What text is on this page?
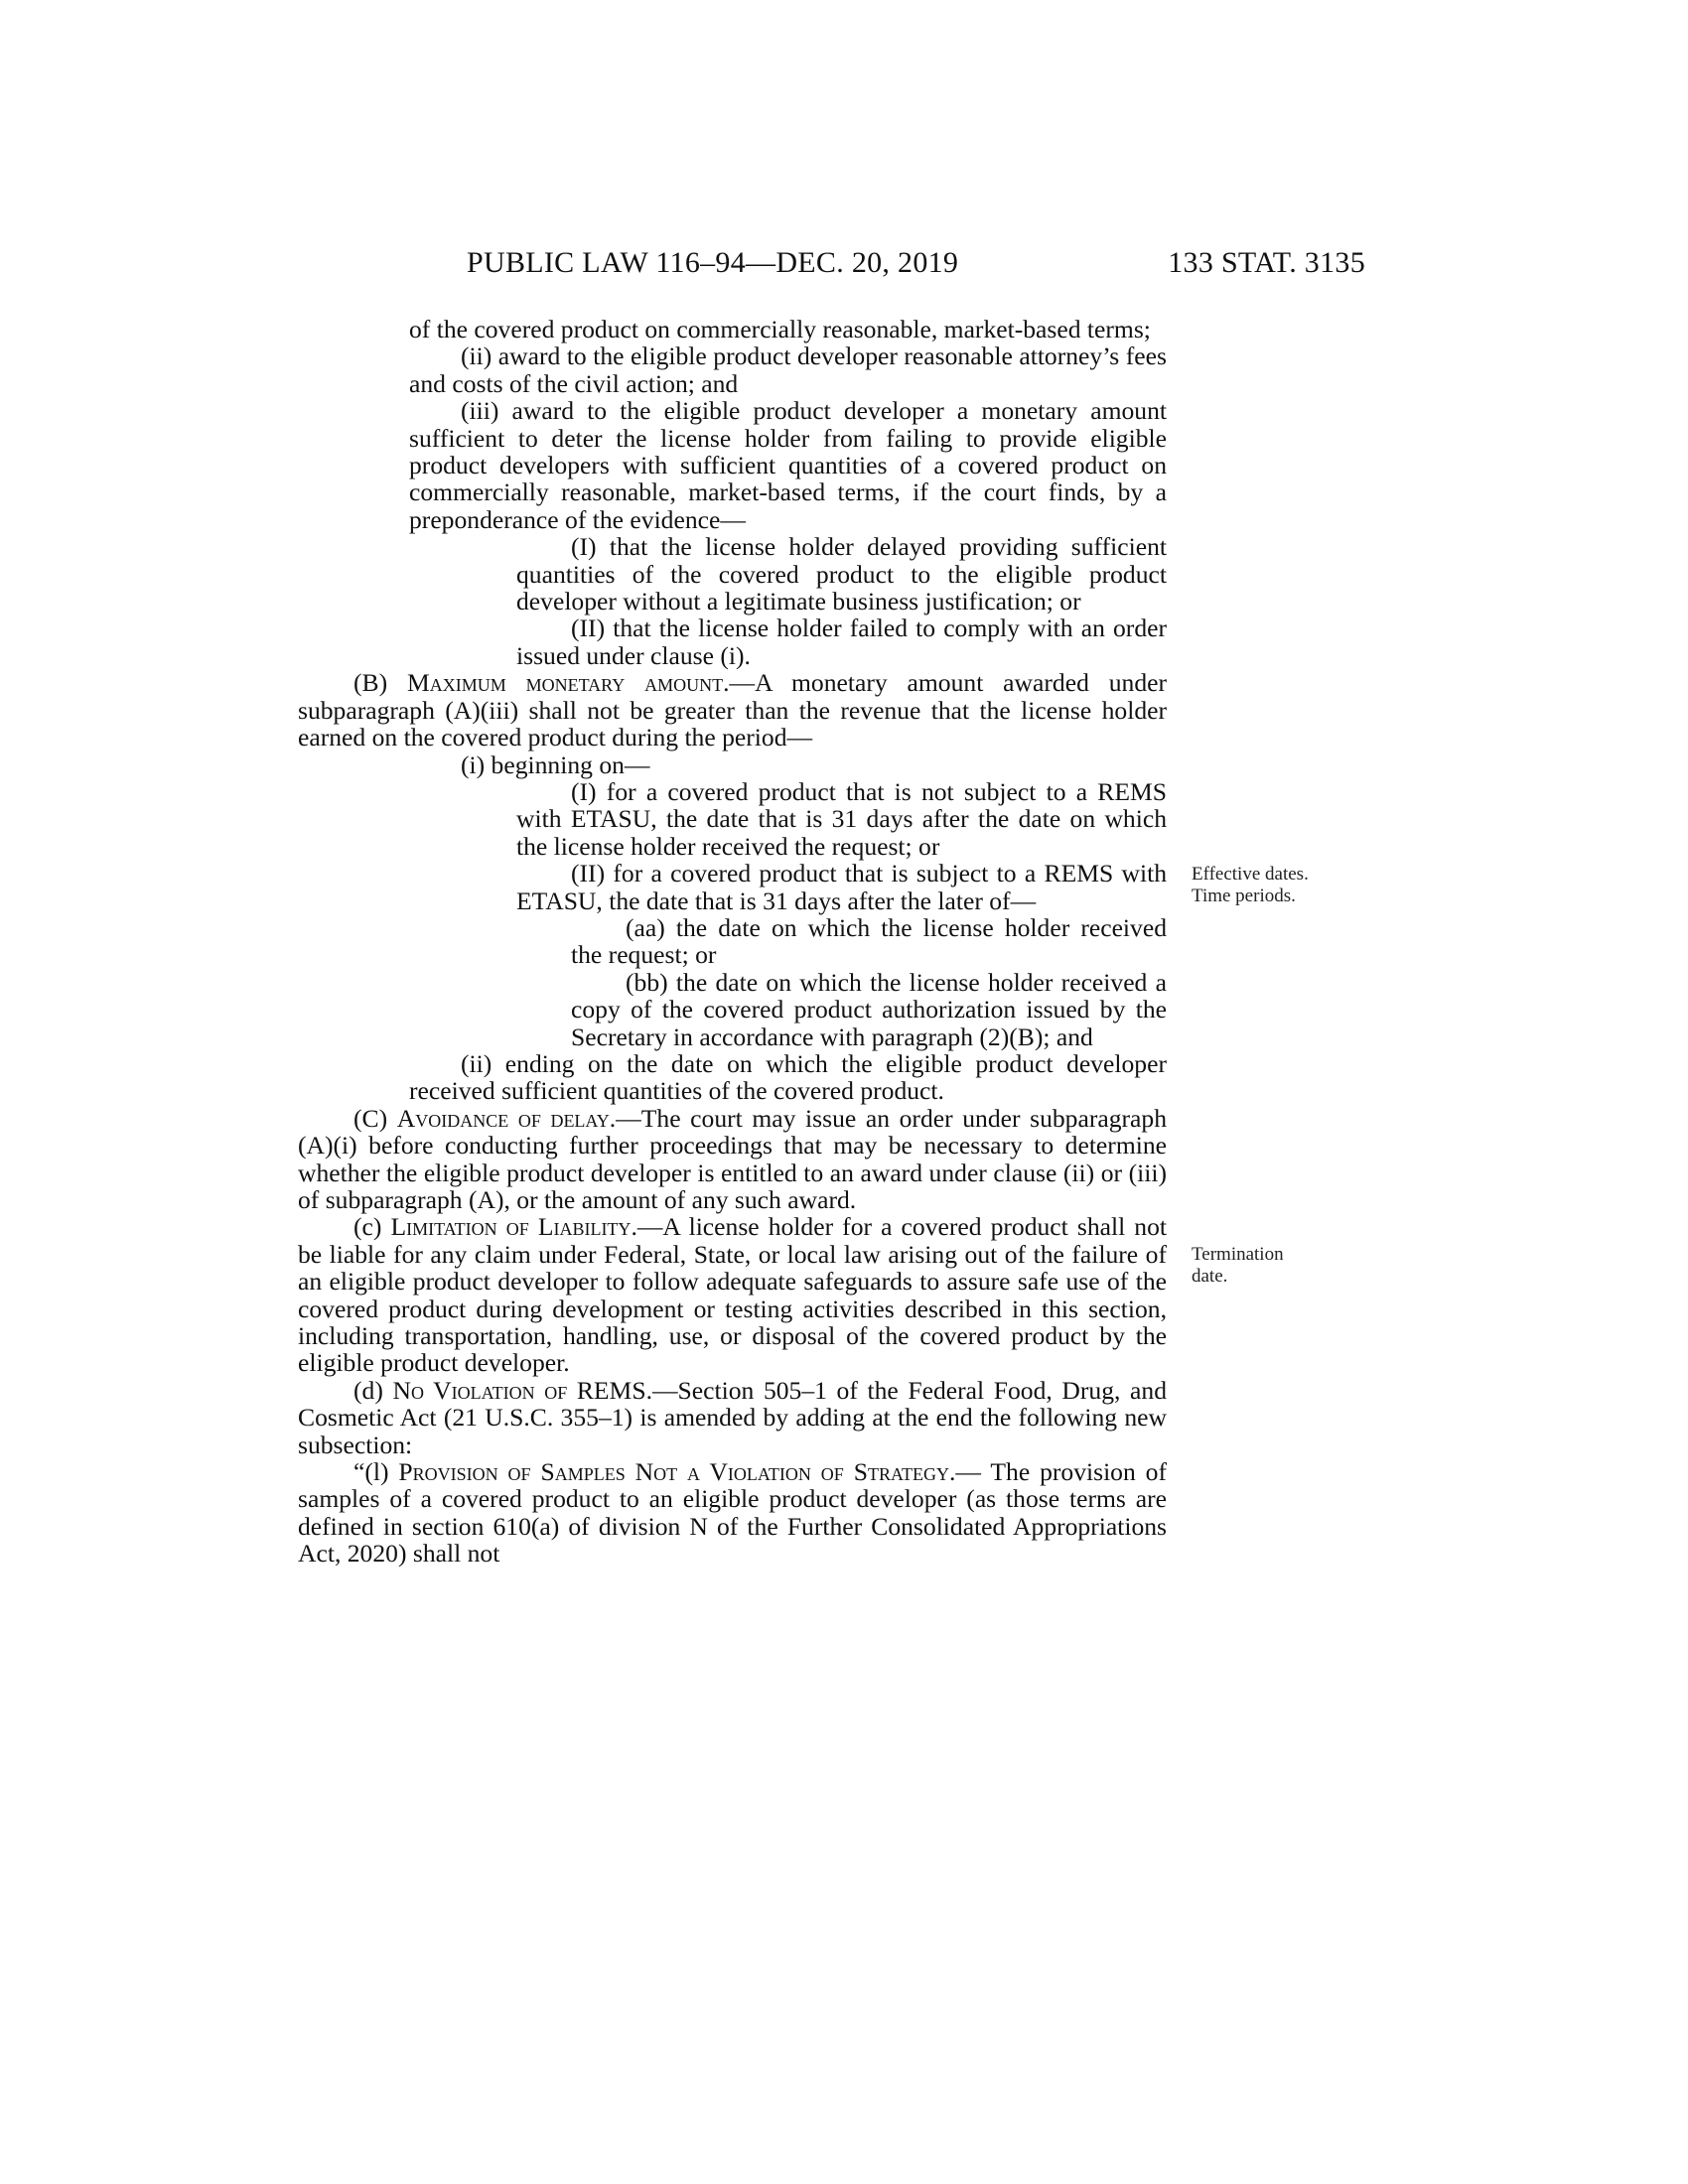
PUBLIC LAW 116–94—DEC. 20, 2019	133 STAT. 3135

of the covered product on commercially reasonable, market-based terms;

(ii) award to the eligible product developer reasonable attorney’s fees and costs of the civil action; and

(iii) award to the eligible product developer a monetary amount sufficient to deter the license holder from failing to provide eligible product developers with sufficient quantities of a covered product on commercially reasonable, market-based terms, if the court finds, by a preponderance of the evidence—

(I) that the license holder delayed providing sufficient quantities of the covered product to the eligible product developer without a legitimate business justification; or

(II) that the license holder failed to comply with an order issued under clause (i).

(B) Maximum monetary amount.—A monetary amount awarded under subparagraph (A)(iii) shall not be greater than the revenue that the license holder earned on the covered product during the period—

(i) beginning on—

(I) for a covered product that is not subject to a REMS with ETASU, the date that is 31 days after the date on which the license holder received the request; or

(II) for a covered product that is subject to a REMS with ETASU, the date that is 31 days after the later of—

(aa) the date on which the license holder received the request; or

(bb) the date on which the license holder received a copy of the covered product authorization issued by the Secretary in accordance with paragraph (2)(B); and

(ii) ending on the date on which the eligible product developer received sufficient quantities of the covered product.

(C) Avoidance of delay.—The court may issue an order under subparagraph (A)(i) before conducting further proceedings that may be necessary to determine whether the eligible product developer is entitled to an award under clause (ii) or (iii) of subparagraph (A), or the amount of any such award.

(c) Limitation of Liability.—A license holder for a covered product shall not be liable for any claim under Federal, State, or local law arising out of the failure of an eligible product developer to follow adequate safeguards to assure safe use of the covered product during development or testing activities described in this section, including transportation, handling, use, or disposal of the covered product by the eligible product developer.

(d) No Violation of REMS.—Section 505–1 of the Federal Food, Drug, and Cosmetic Act (21 U.S.C. 355–1) is amended by adding at the end the following new subsection:

“(l) Provision of Samples Not a Violation of Strategy.— The provision of samples of a covered product to an eligible product developer (as those terms are defined in section 610(a) of division N of the Further Consolidated Appropriations Act, 2020) shall not

Effective dates.
Time periods.
Termination
date.
